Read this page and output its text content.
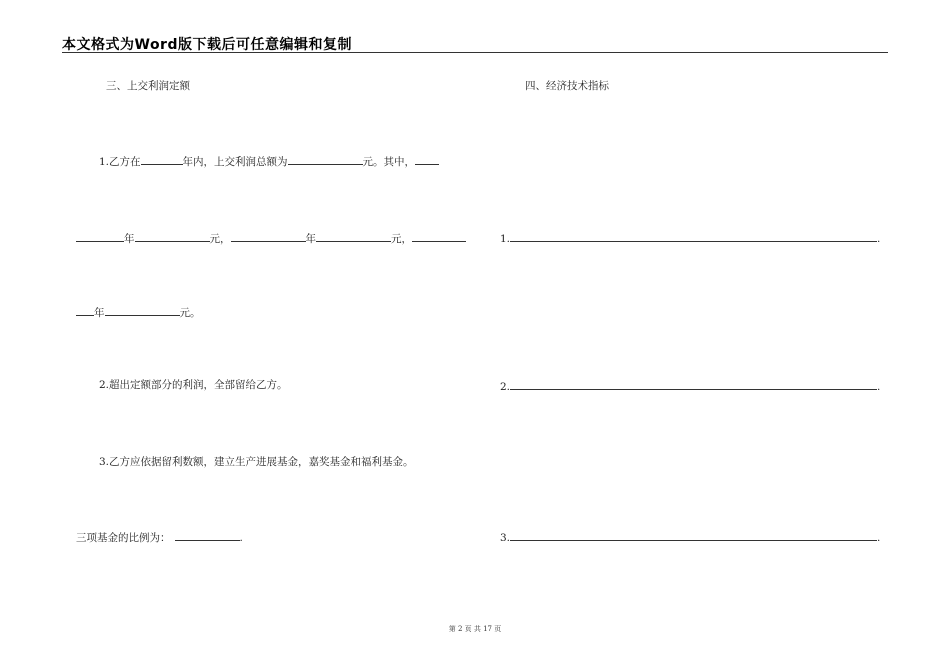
本文格式为Word版下载后可任意编辑和复制
三、上交利润定额
1.乙方在	年内，上交利润总额为	元。其中，
年	元，	年	元，
年	元。
2.超出定额部分的利润，全部留给乙方。
3.乙方应依据留利数额，建立生产进展基金，嘉奖基金和福利基金。
三项基金的比例为：	.
四、经济技术指标
1.	.
2.	.
3.	.
第 2 页 共 17 页
